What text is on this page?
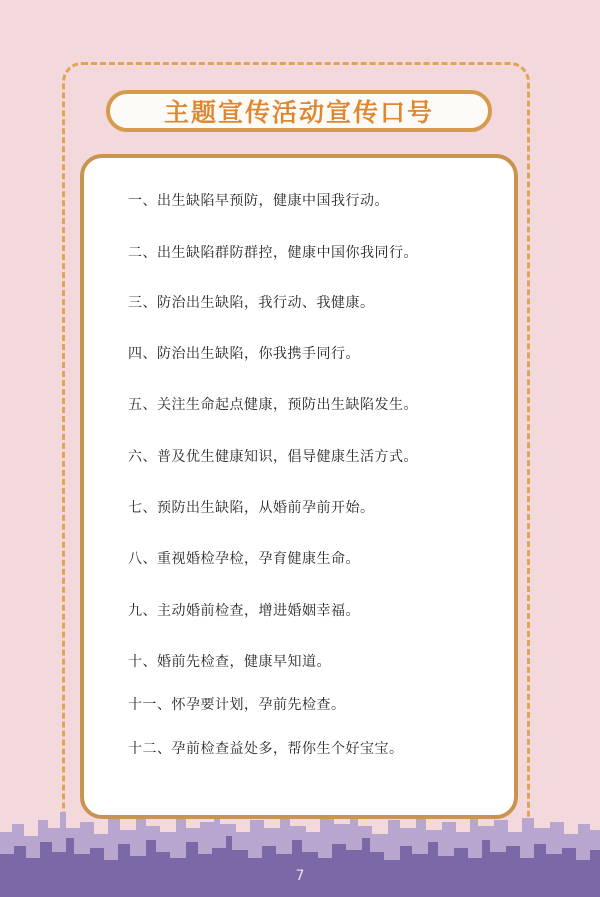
主题宣传活动宣传口号
一、出生缺陷早预防，健康中国我行动。
二、出生缺陷群防群控，健康中国你我同行。
三、防治出生缺陷，我行动、我健康。
四、防治出生缺陷，你我携手同行。
五、关注生命起点健康，预防出生缺陷发生。
六、普及优生健康知识，倡导健康生活方式。
七、预防出生缺陷，从婚前孕前开始。
八、重视婚检孕检，孕育健康生命。
九、主动婚前检查，增进婚姻幸福。
十、婚前先检查，健康早知道。
十一、怀孕要计划，孕前先检查。
十二、孕前检查益处多，帮你生个好宝宝。
7
